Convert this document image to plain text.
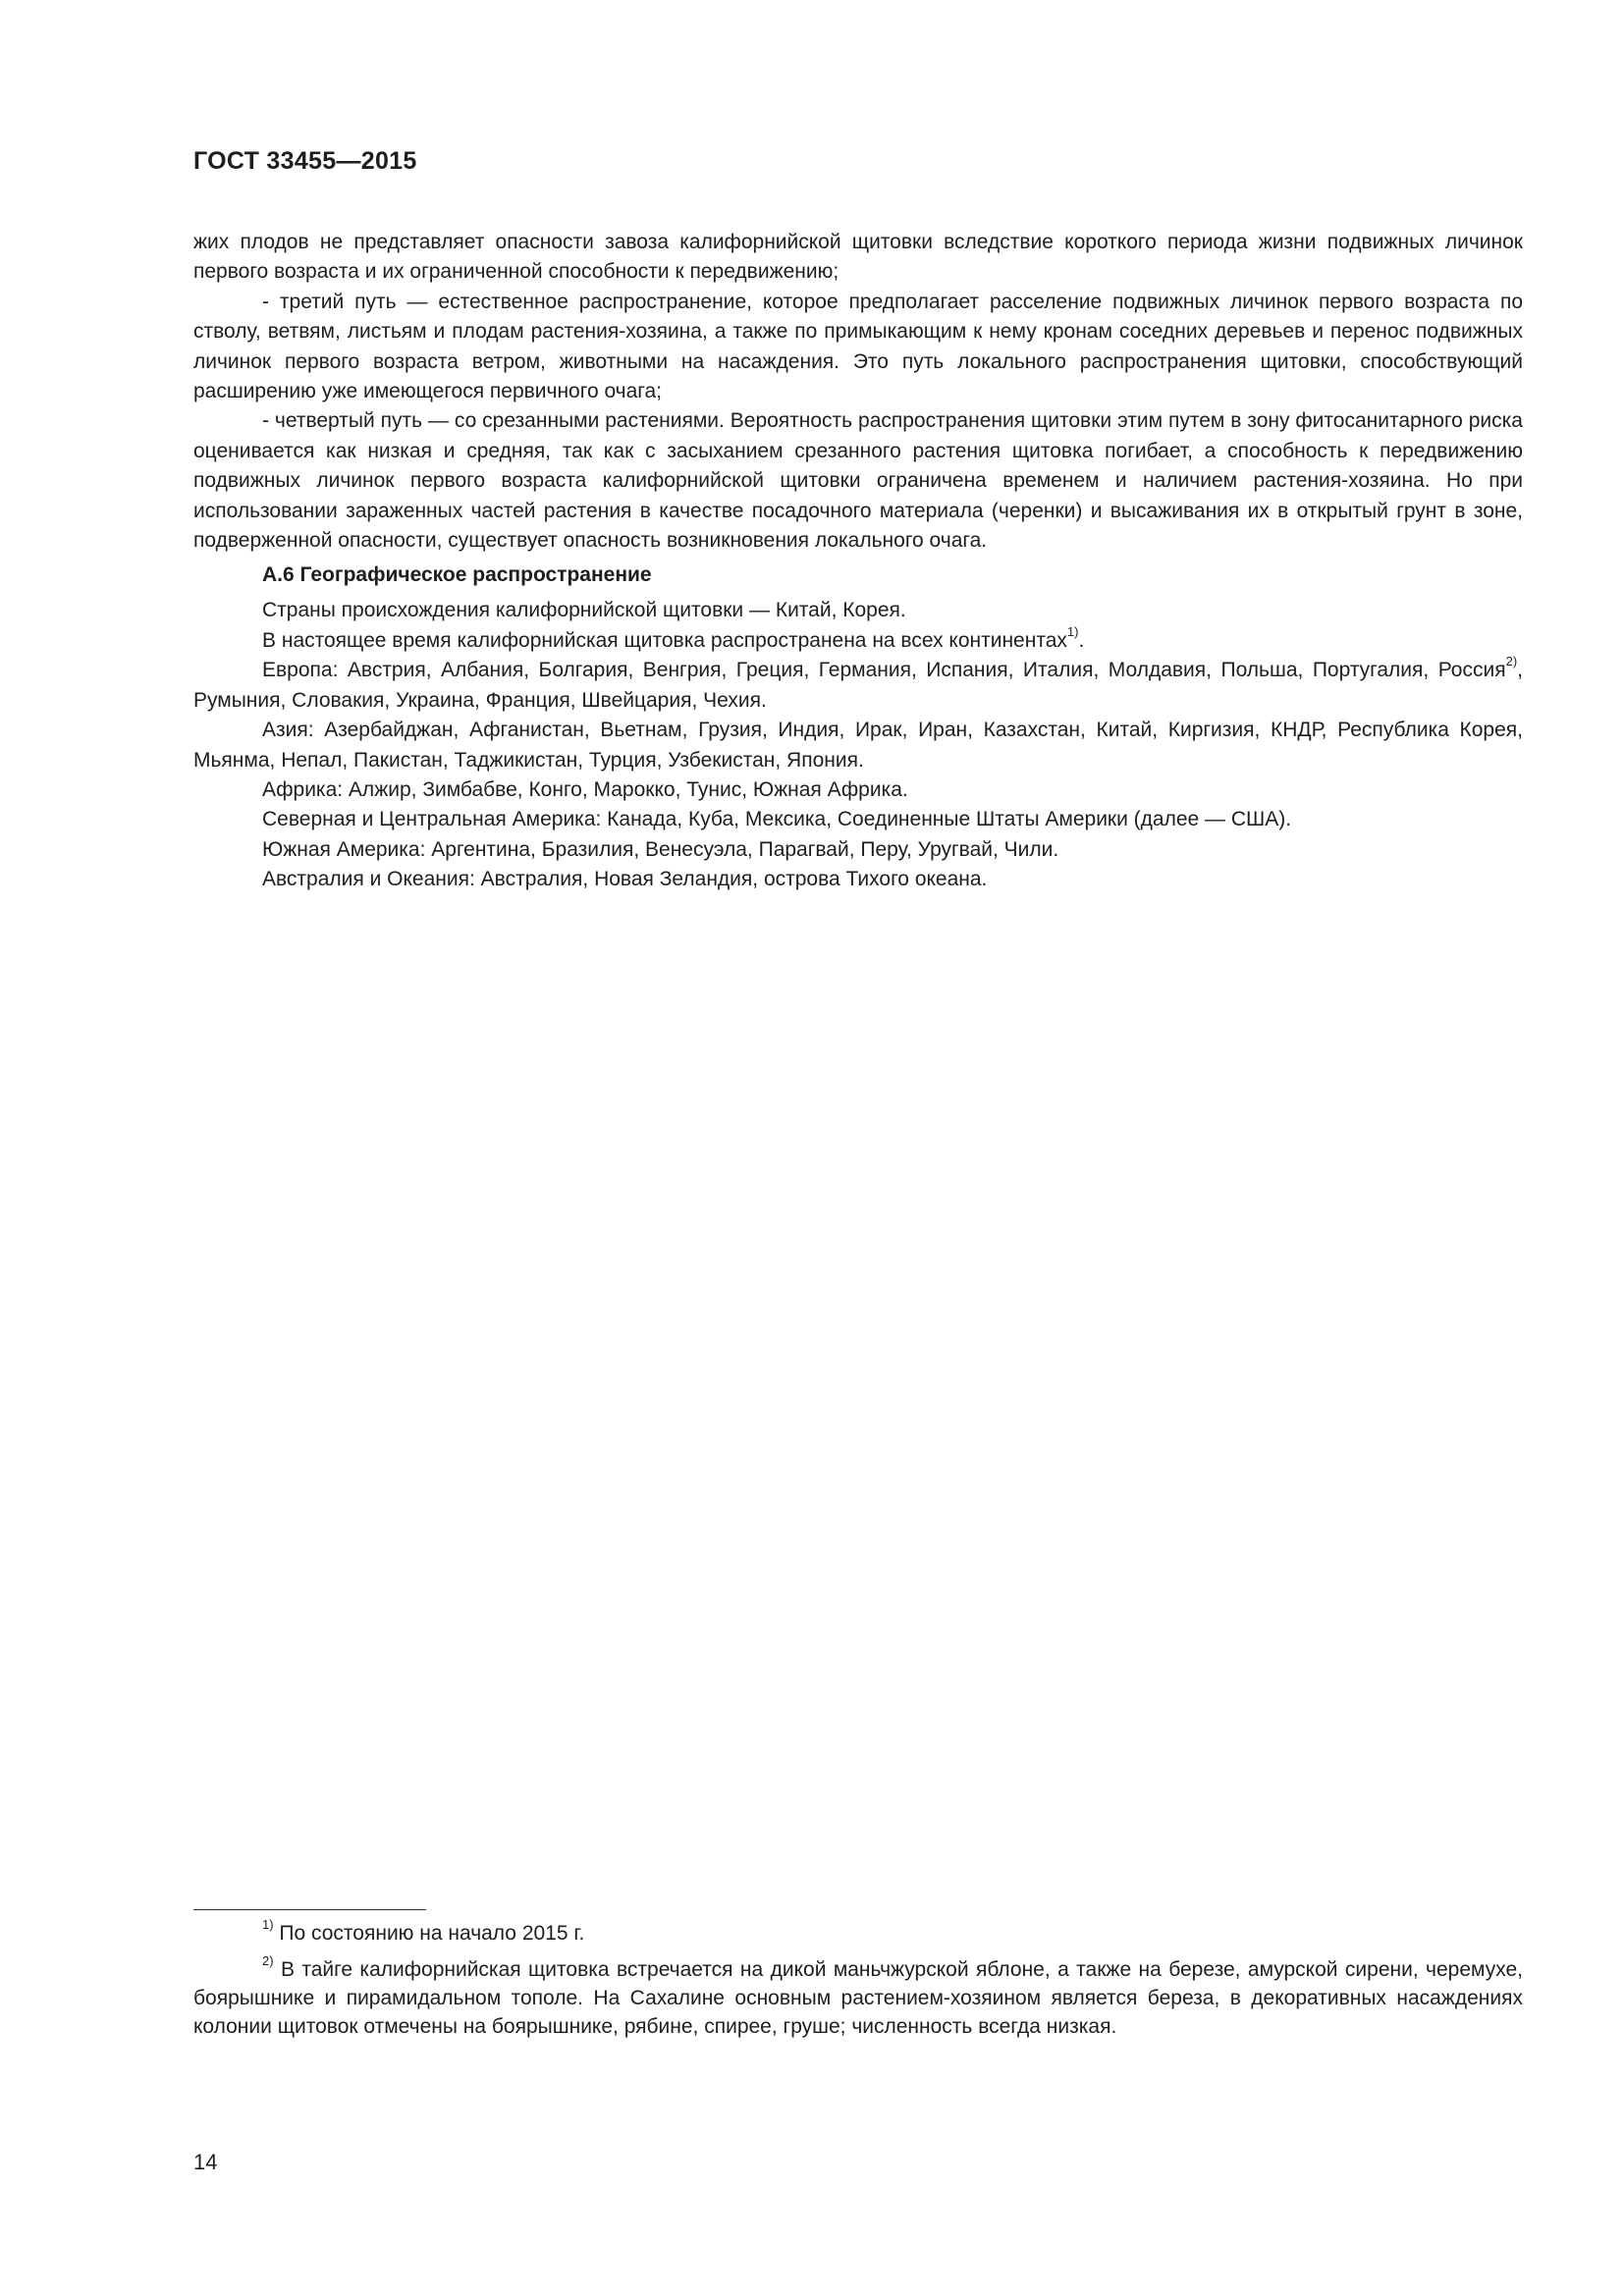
ГОСТ 33455—2015

жих плодов не представляет опасности завоза калифорнийской щитовки вследствие короткого периода жизни подвижных личинок первого возраста и их ограниченной способности к передвижению;

- третий путь — естественное распространение, которое предполагает расселение подвижных личинок первого возраста по стволу, ветвям, листьям и плодам растения-хозяина, а также по примыкающим к нему кронам соседних деревьев и перенос подвижных личинок первого возраста ветром, животными на насаждения. Это путь локального распространения щитовки, способствующий расширению уже имеющегося первичного очага;

- четвертый путь — со срезанными растениями. Вероятность распространения щитовки этим путем в зону фитосанитарного риска оценивается как низкая и средняя, так как с засыханием срезанного растения щитовка погибает, а способность к передвижению подвижных личинок первого возраста калифорнийской щитовки ограничена временем и наличием растения-хозяина. Но при использовании зараженных частей растения в качестве посадочного материала (черенки) и высаживания их в открытый грунт в зоне, подверженной опасности, существует опасность возникновения локального очага.

А.6 Географическое распространение

Страны происхождения калифорнийской щитовки — Китай, Корея.

В настоящее время калифорнийская щитовка распространена на всех континентах$^{1)}$.

Европа: Австрия, Албания, Болгария, Венгрия, Греция, Германия, Испания, Италия, Молдавия, Польша, Португалия, Россия$^{2)}$, Румыния, Словакия, Украина, Франция, Швейцария, Чехия.

Азия: Азербайджан, Афганистан, Вьетнам, Грузия, Индия, Ирак, Иран, Казахстан, Китай, Киргизия, КНДР, Республика Корея, Мьянма, Непал, Пакистан, Таджикистан, Турция, Узбекистан, Япония.

Африка: Алжир, Зимбабве, Конго, Марокко, Тунис, Южная Африка.

Северная и Центральная Америка: Канада, Куба, Мексика, Соединенные Штаты Америки (далее — США).

Южная Америка: Аргентина, Бразилия, Венесуэла, Парагвай, Перу, Уругвай, Чили.

Австралия и Океания: Австралия, Новая Зеландия, острова Тихого океана.

$^{1)}$ По состоянию на начало 2015 г.

$^{2)}$ В тайге калифорнийская щитовка встречается на дикой маньчжурской яблоне, а также на березе, амурской сирени, черемухе, боярышнике и пирамидальном тополе. На Сахалине основным растением-хозяином является береза, в декоративных насаждениях колонии щитовок отмечены на боярышнике, рябине, спирее, груше; численность всегда низкая.

14
